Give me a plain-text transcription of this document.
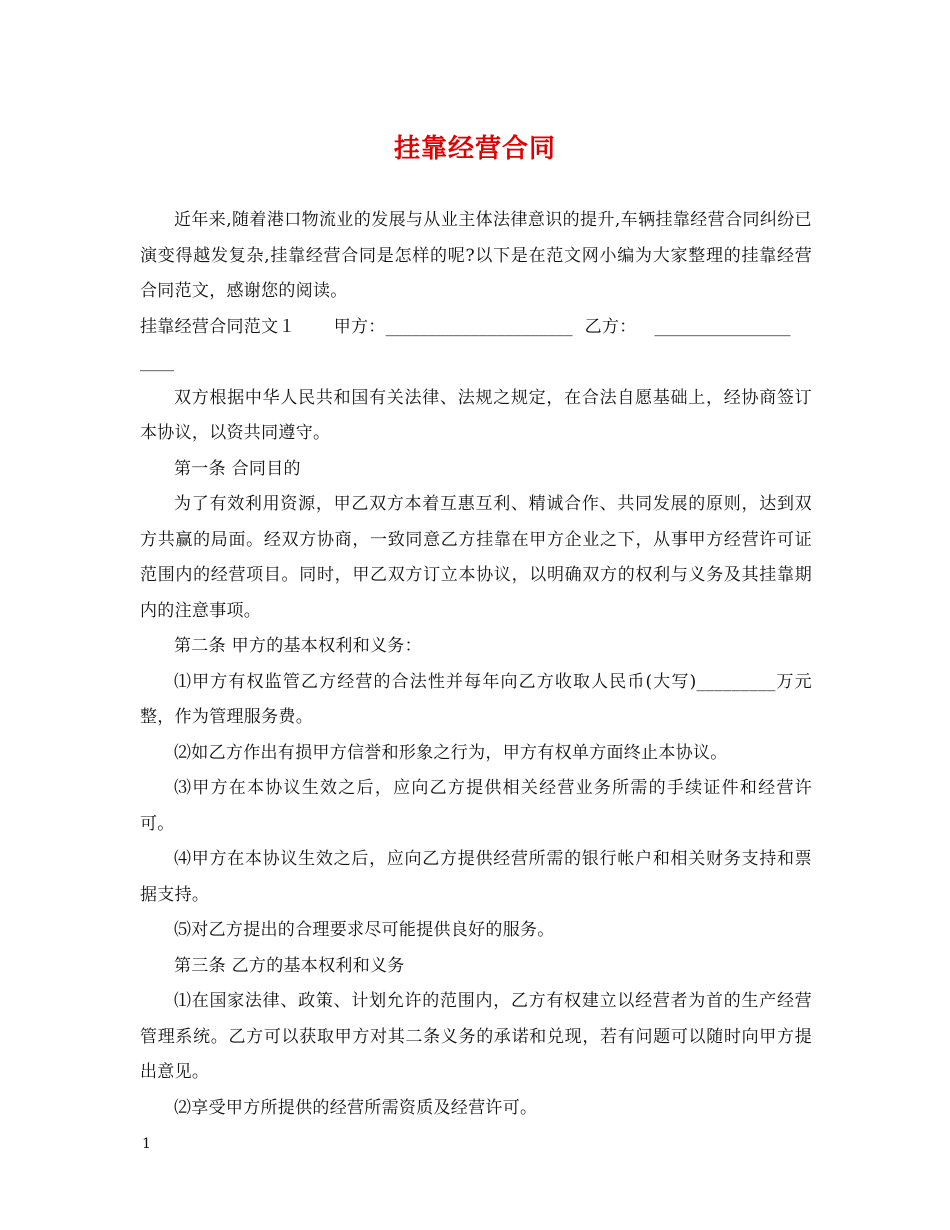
挂靠经营合同

近年来,随着港口物流业的发展与从业主体法律意识的提升,车辆挂靠经营合同纠纷已演变得越发复杂,挂靠经营合同是怎样的呢?以下是在范文网小编为大家整理的挂靠经营合同范文，感谢您的阅读。

挂靠经营合同范文１ 甲方：______________________ 乙方： ________________

____

双方根据中华人民共和国有关法律、法规之规定，在合法自愿基础上，经协商签订本协议，以资共同遵守。

第一条 合同目的

为了有效利用资源，甲乙双方本着互惠互利、精诚合作、共同发展的原则，达到双方共赢的局面。经双方协商，一致同意乙方挂靠在甲方企业之下，从事甲方经营许可证范围内的经营项目。同时，甲乙双方订立本协议，以明确双方的权利与义务及其挂靠期内的注意事项。

第二条 甲方的基本权利和义务：

⑴甲方有权监管乙方经营的合法性并每年向乙方收取人民币(大写)_________万元整，作为管理服务费。

⑵如乙方作出有损甲方信誉和形象之行为，甲方有权单方面终止本协议。

⑶甲方在本协议生效之后，应向乙方提供相关经营业务所需的手续证件和经营许可。

⑷甲方在本协议生效之后，应向乙方提供经营所需的银行帐户和相关财务支持和票据支持。

⑸对乙方提出的合理要求尽可能提供良好的服务。

第三条 乙方的基本权利和义务

⑴在国家法律、政策、计划允许的范围内，乙方有权建立以经营者为首的生产经营管理系统。乙方可以获取甲方对其二条义务的承诺和兑现，若有问题可以随时向甲方提出意见。

⑵享受甲方所提供的经营所需资质及经营许可。

1
